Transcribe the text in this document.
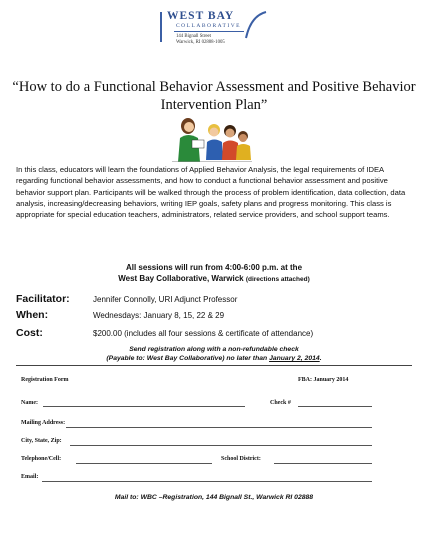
WEST BAY
COLLABORATIVE
144 Bignall Street
Warwick, RI 02888-1005
“How to do a Functional Behavior Assessment and Positive Behavior Intervention Plan”
In this class, educators will learn the foundations of Applied Behavior Analysis, the legal requirements of IDEA regarding functional behavior assessments, and how to conduct a functional behavior assessment and positive behavior support plan. Participants will be walked through the process of problem identification, data collection, data analysis, increasing/decreasing behaviors, writing IEP goals, safety plans and progress monitoring. This class is appropriate for special education teachers, administrators, related service providers, and school support teams.
All sessions will run from 4:00-6:00 p.m. at the
West Bay Collaborative, Warwick (directions attached)
Facilitator:	Jennifer Connolly, URI Adjunct Professor
When:	Wednesdays: January 8, 15, 22 & 29
Cost:	$200.00 (includes all four sessions & certificate of attendance)
Send registration along with a non-refundable check
(Payable to: West Bay Collaborative) no later than January 2, 2014.
Registration Form	FBA: January 2014
Name:	Check #
Mailing Address:
City, State, Zip:
Telephone/Cell:	School District:
Email:
Mail to: WBC –Registration, 144 Bignall St., Warwick RI 02888
